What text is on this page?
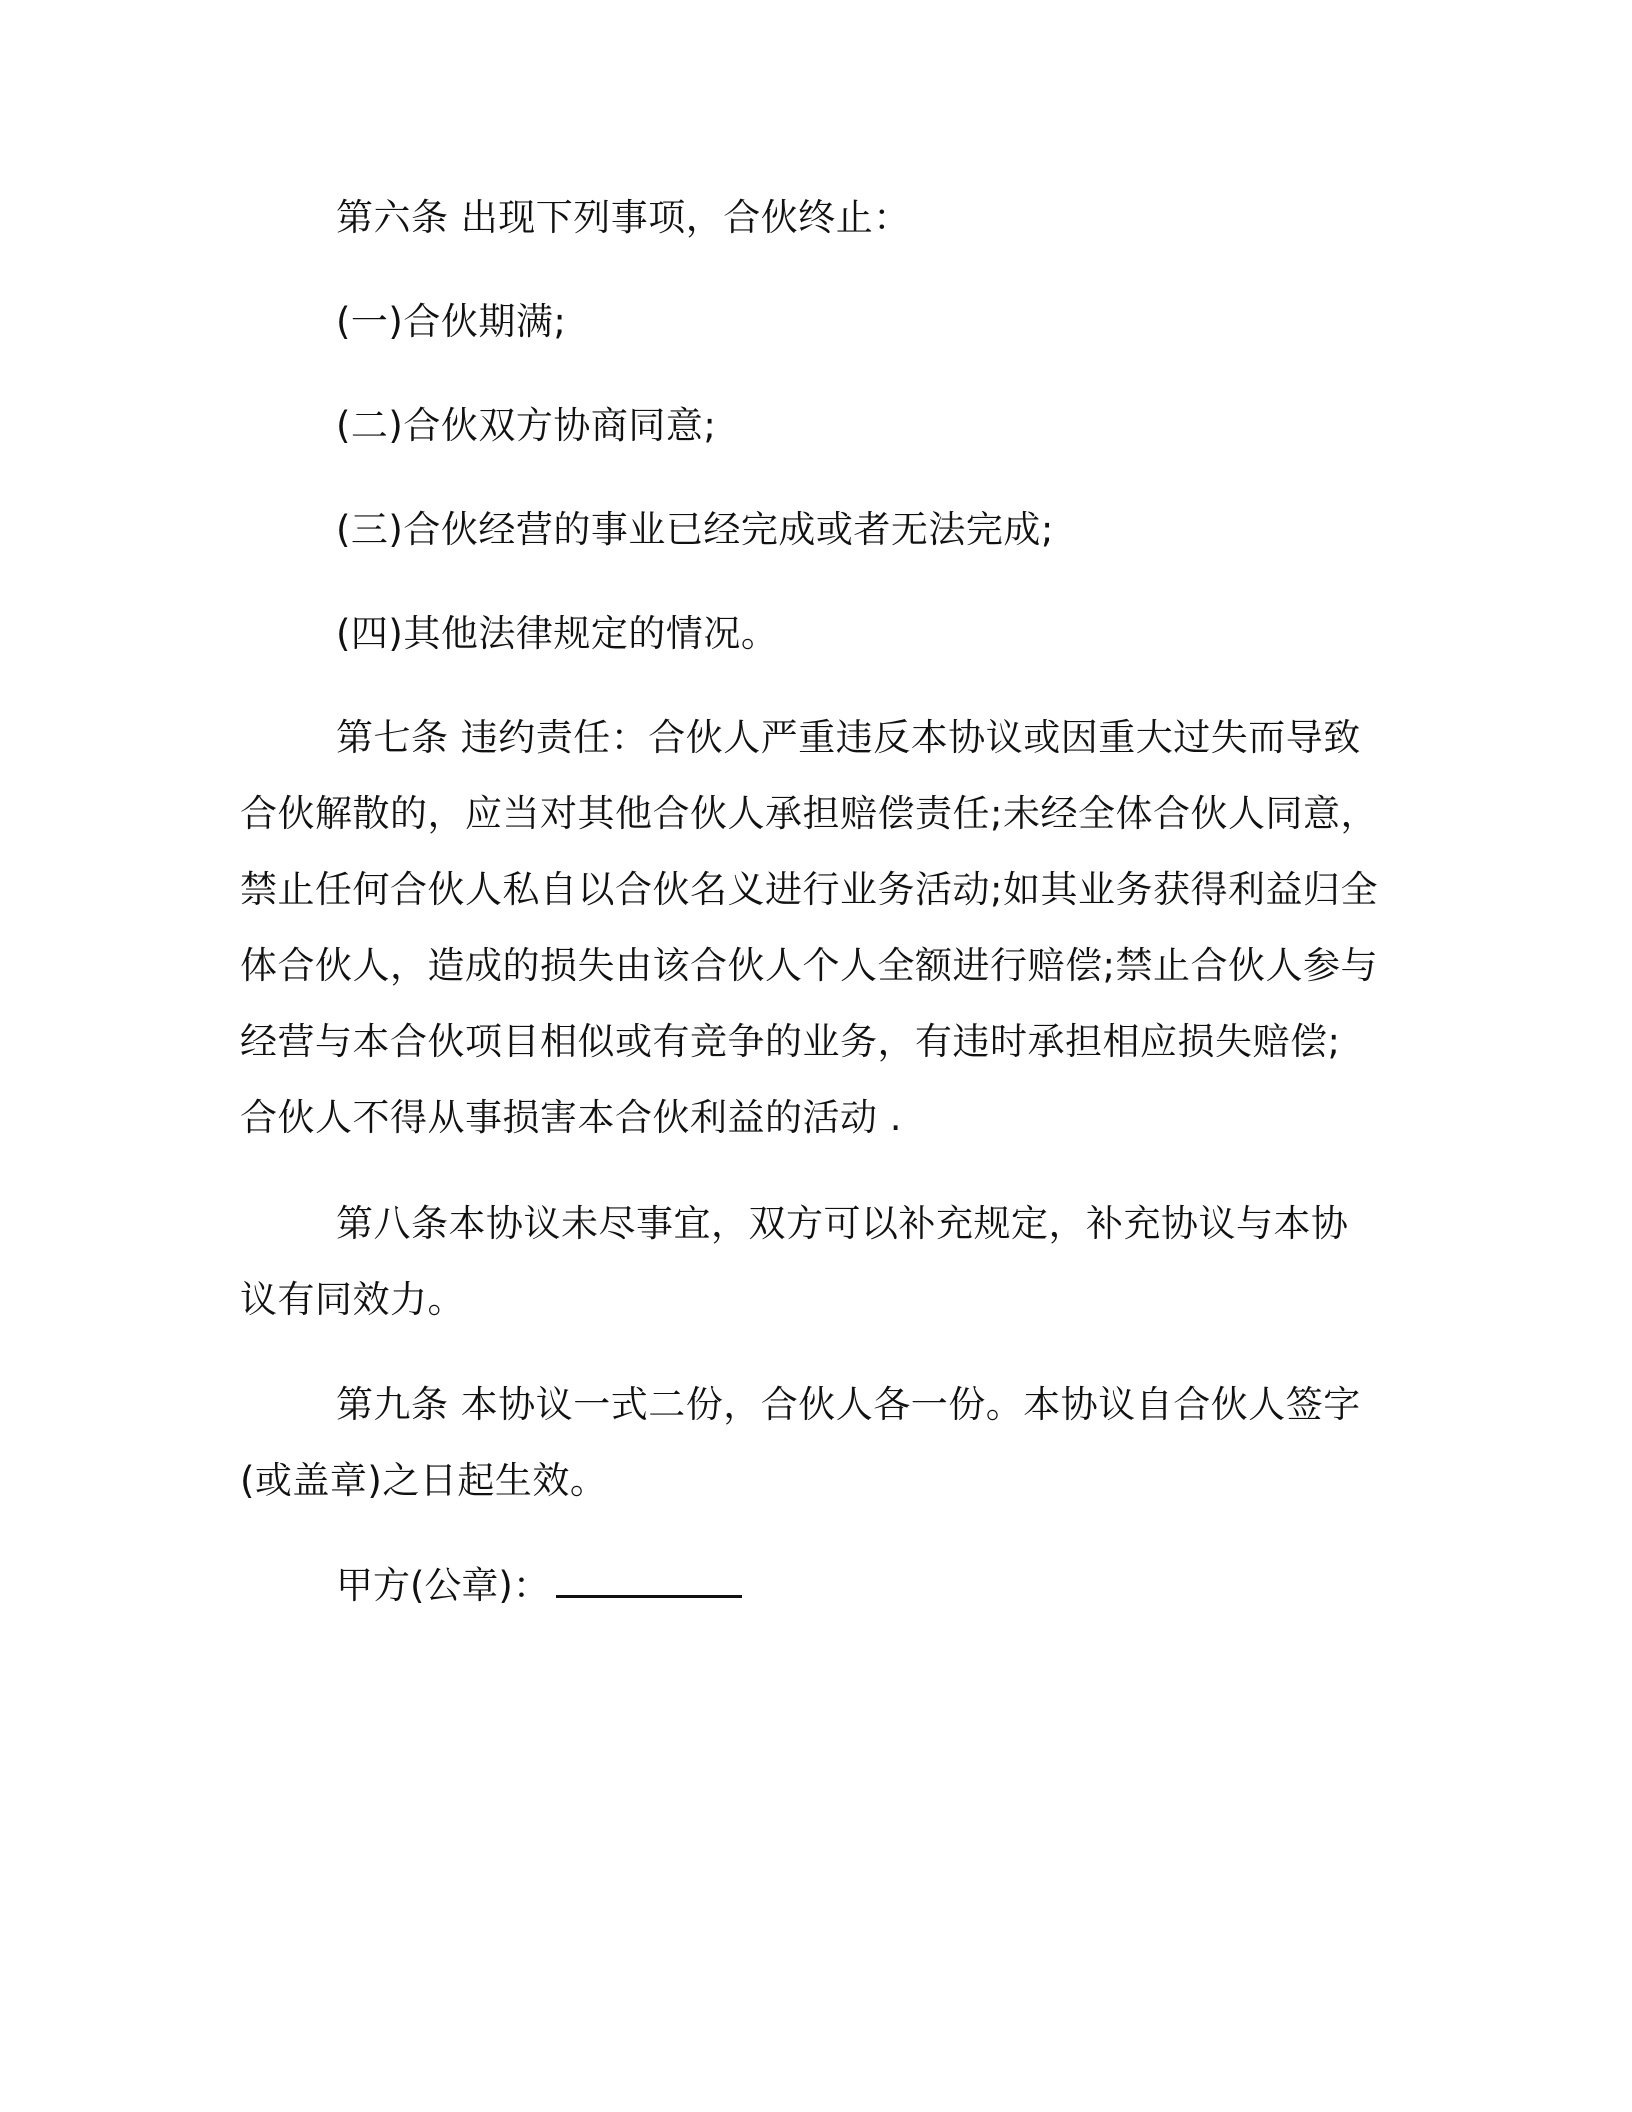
第六条 出现下列事项，合伙终止：

(一)合伙期满;

(二)合伙双方协商同意;

(三)合伙经营的事业已经完成或者无法完成;

(四)其他法律规定的情况。

第七条 违约责任：合伙人严重违反本协议或因重大过失而导致合伙解散的，应当对其他合伙人承担赔偿责任;未经全体合伙人同意，禁止任何合伙人私自以合伙名义进行业务活动;如其业务获得利益归全体合伙人，造成的损失由该合伙人个人全额进行赔偿;禁止合伙人参与经营与本合伙项目相似或有竞争的业务，有违时承担相应损失赔偿; 合伙人不得从事损害本合伙利益的活动 .

第八条本协议未尽事宜，双方可以补充规定，补充协议与本协议有同效力。

第九条 本协议一式二份，合伙人各一份。本协议自合伙人签字(或盖章)之日起生效。

甲方(公章)：
